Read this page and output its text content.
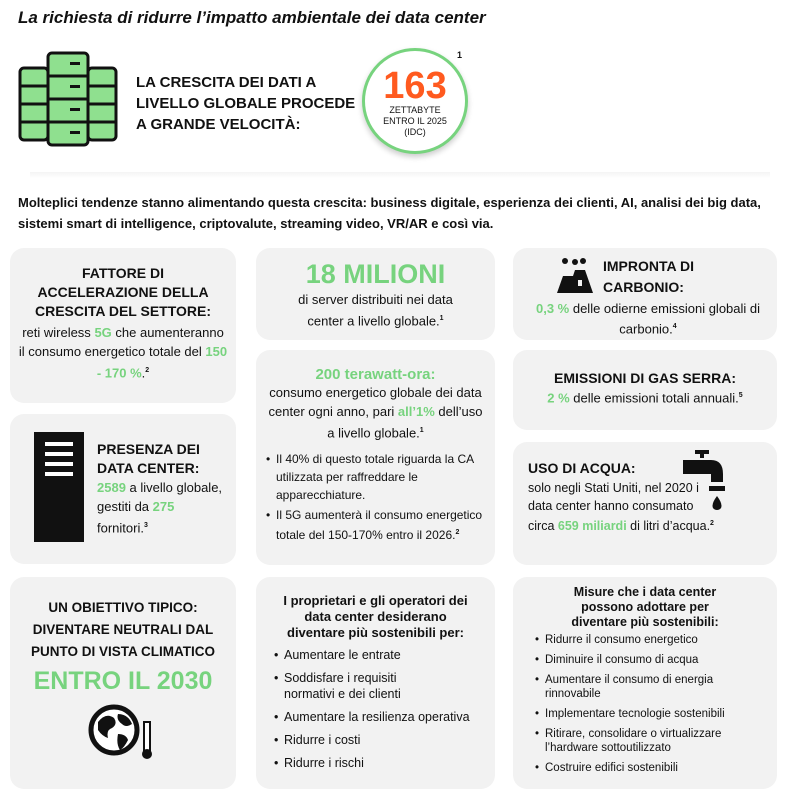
La richiesta di ridurre l’impatto ambientale dei data center
LA CRESCITA DEI DATI A LIVELLO GLOBALE PROCEDE A GRANDE VELOCITÀ:
163
ZETTABYTE ENTRO IL 2025 (IDC)
1
Molteplici tendenze stanno alimentando questa crescita: business digitale, esperienza dei clienti, AI, analisi dei big data, sistemi smart di intelligence, criptovalute, streaming video, VR/AR e così via.
FATTORE DI ACCELERAZIONE DELLA CRESCITA DEL SETTORE:
reti wireless 5G che aumenteranno il consumo energetico totale del 150 - 170 %.$^2$
PRESENZA DEI DATA CENTER:
2589 a livello globale, gestiti da 275 fornitori.$^3$
UN OBIETTIVO TIPICO: DIVENTARE NEUTRALI DAL PUNTO DI VISTA CLIMATICO
ENTRO IL 2030
18 MILIONI
di server distribuiti nei data center a livello globale.$^1$
200 terawatt-ora:
consumo energetico globale dei data center ogni anno, pari all’1% dell’uso a livello globale.$^1$
• Il 40% di questo totale riguarda la CA utilizzata per raffreddare le apparecchiature.
• Il 5G aumenterà il consumo energetico totale del 150-170% entro il 2026.$^2$
I proprietari e gli operatori dei data center desiderano diventare più sostenibili per:
• Aumentare le entrate
• Soddisfare i requisiti normativi e dei clienti
• Aumentare la resilienza operativa
• Ridurre i costi
• Ridurre i rischi
IMPRONTA DI CARBONIO:
0,3 % delle odierne emissioni globali di carbonio.$^4$
EMISSIONI DI GAS SERRA:
2 % delle emissioni totali annuali.$^5$
USO DI ACQUA:
solo negli Stati Uniti, nel 2020 i data center hanno consumato circa 659 miliardi di litri d’acqua.$^2$
Misure che i data center possono adottare per diventare più sostenibili:
• Ridurre il consumo energetico
• Diminuire il consumo di acqua
• Aumentare il consumo di energia rinnovabile
• Implementare tecnologie sostenibili
• Ritirare, consolidare o virtualizzare l’hardware sottoutilizzato
• Costruire edifici sostenibili
